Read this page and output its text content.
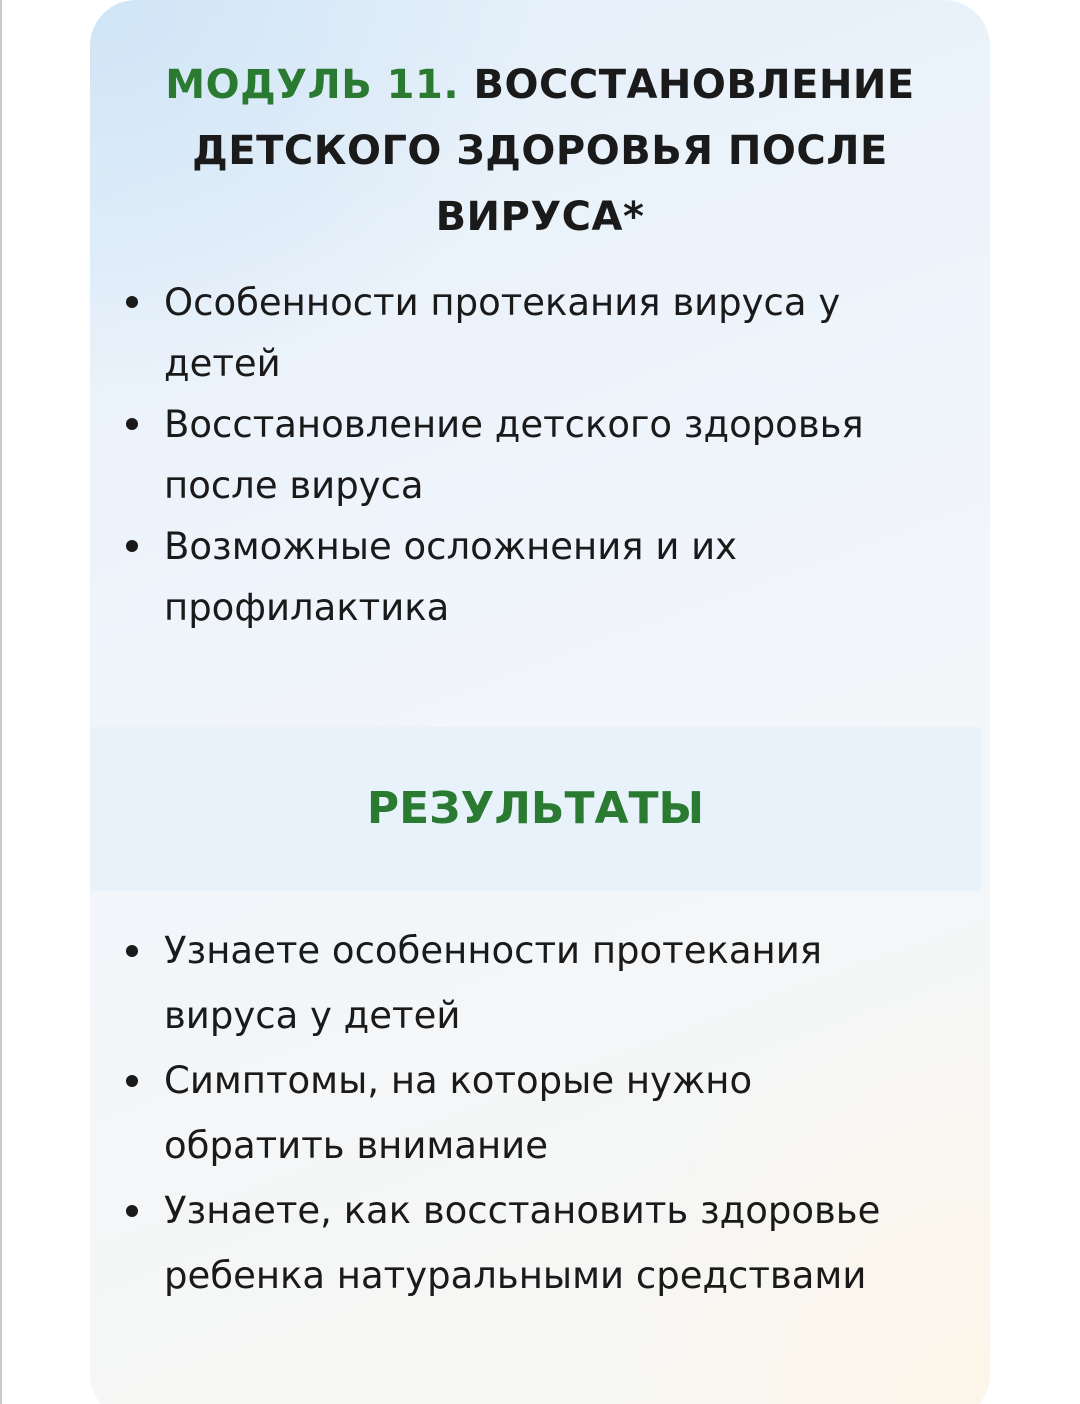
МОДУЛЬ 11. ВОССТАНОВЛЕНИЕ
ДЕТСКОГО ЗДОРОВЬЯ ПОСЛЕ
ВИРУСА*
Особенности протекания вируса у
детей
Восстановление детского здоровья
после вируса
Возможные осложнения и их
профилактика
РЕЗУЛЬТАТЫ
Узнаете особенности протекания
вируса у детей
Симптомы, на которые нужно
обратить внимание
Узнаете, как восстановить здоровье
ребенка натуральными средствами
